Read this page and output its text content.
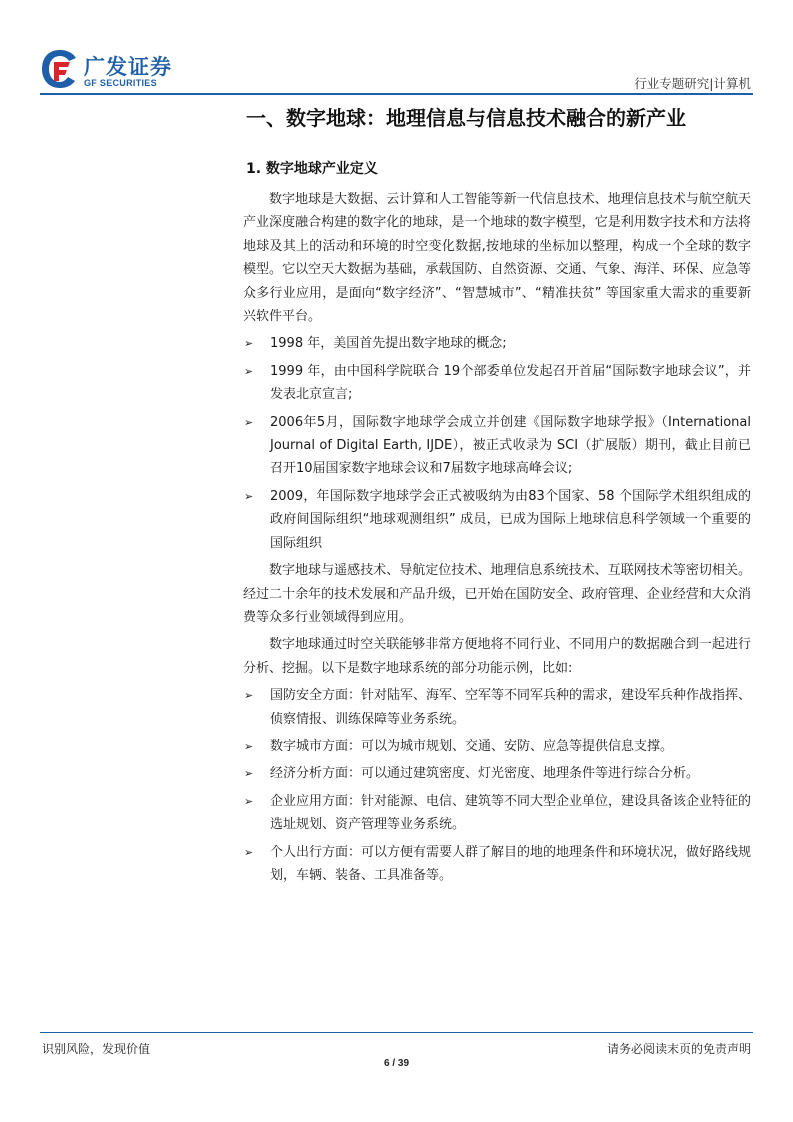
广发证券
GF SECURITIES	行业专题研究|计算机
一、数字地球：地理信息与信息技术融合的新产业
1. 数字地球产业定义

数字地球是大数据、云计算和人工智能等新一代信息技术、地理信息技术与航空航天产业深度融合构建的数字化的地球，是一个地球的数字模型，它是利用数字技术和方法将地球及其上的活动和环境的时空变化数据,按地球的坐标加以整理，构成一个全球的数字模型。它以空天大数据为基础，承载国防、自然资源、交通、气象、海洋、环保、应急等众多行业应用，是面向“数字经济”、“智慧城市”、“精准扶贫” 等国家重大需求的重要新兴软件平台。

➢ 1998 年，美国首先提出数字地球的概念;
➢ 1999 年，由中国科学院联合 19个部委单位发起召开首届“国际数字地球会议”，并发表北京宣言;
➢ 2006年5月，国际数字地球学会成立并创建《国际数字地球学报》（International Journal of Digital Earth, IJDE），被正式收录为 SCI（扩展版）期刊，截止目前已召开10届国家数字地球会议和7届数字地球高峰会议;
➢ 2009，年国际数字地球学会正式被吸纳为由83个国家、58 个国际学术组织组成的政府间国际组织“地球观测组织” 成员，已成为国际上地球信息科学领域一个重要的国际组织

数字地球与遥感技术、导航定位技术、地理信息系统技术、互联网技术等密切相关。经过二十余年的技术发展和产品升级，已开始在国防安全、政府管理、企业经营和大众消费等众多行业领域得到应用。

数字地球通过时空关联能够非常方便地将不同行业、不同用户的数据融合到一起进行分析、挖掘。以下是数字地球系统的部分功能示例，比如:

➢ 国防安全方面：针对陆军、海军、空军等不同军兵种的需求，建设军兵种作战指挥、侦察情报、训练保障等业务系统。
➢ 数字城市方面：可以为城市规划、交通、安防、应急等提供信息支撑。
➢ 经济分析方面：可以通过建筑密度、灯光密度、地理条件等进行综合分析。
➢ 企业应用方面：针对能源、电信、建筑等不同大型企业单位，建设具备该企业特征的选址规划、资产管理等业务系统。
➢ 个人出行方面：可以方便有需要人群了解目的地的地理条件和环境状况，做好路线规划，车辆、装备、工具准备等。
识别风险，发现价值	请务必阅读末页的免责声明
6 / 39
